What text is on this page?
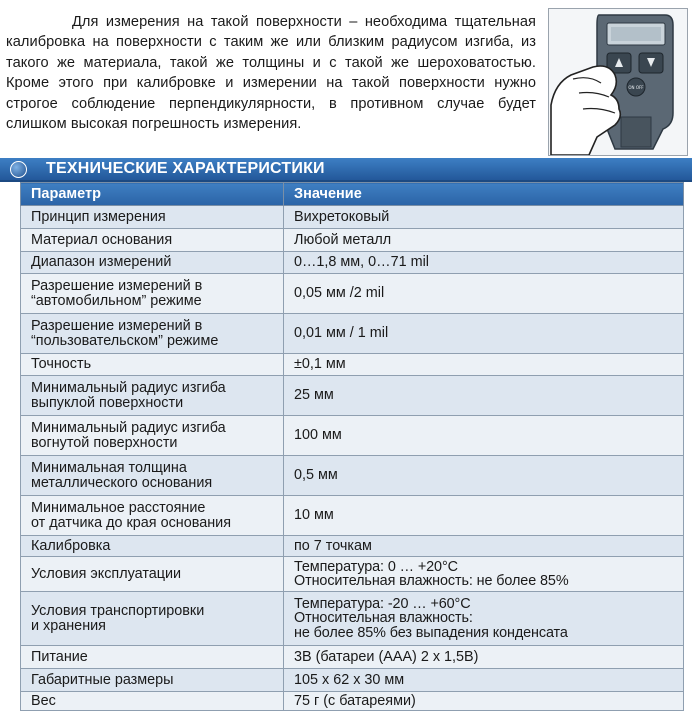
Для измерения на такой поверхности – необходима тщательная калибровка на поверхности с таким же или близким радиусом изгиба, из такого же материала, такой же толщины и с такой же шероховатостью. Кроме этого при калибровке и измерении на такой поверхности нужно строгое соблюдение перпендикулярности, в противном случае будет слишком высокая погрешность измерения.

ON OFF
ТЕХНИЧЕСКИЕ ХАРАКТЕРИСТИКИ
Параметр	Значение
Принцип измерения	Вихретоковый
Материал основания	Любой металл
Диапазон измерений	0…1,8 мм, 0…71 mil
Разрешение измерений в
“автомобильном” режиме	0,05 мм /2 mil
Разрешение измерений в
“пользовательском” режиме	0,01 мм / 1 mil
Точность	±0,1 мм
Минимальный радиус изгиба
выпуклой поверхности	25 мм
Минимальный радиус изгиба
вогнутой поверхности	100 мм
Минимальная толщина
металлического основания	0,5 мм
Минимальное расстояние
от датчика до края основания	10 мм
Калибровка	по 7 точкам
Условия эксплуатации	Температура: 0 … +20°C
Относительная влажность: не более 85%
Условия транспортировки
и хранения	Температура: -20 … +60°C
Относительная влажность:
не более 85% без выпадения конденсата
Питание	3В (батареи (ААА) 2 х 1,5В)
Габаритные размеры	105 х 62 х 30 мм
Вес	75 г (с батареями)
